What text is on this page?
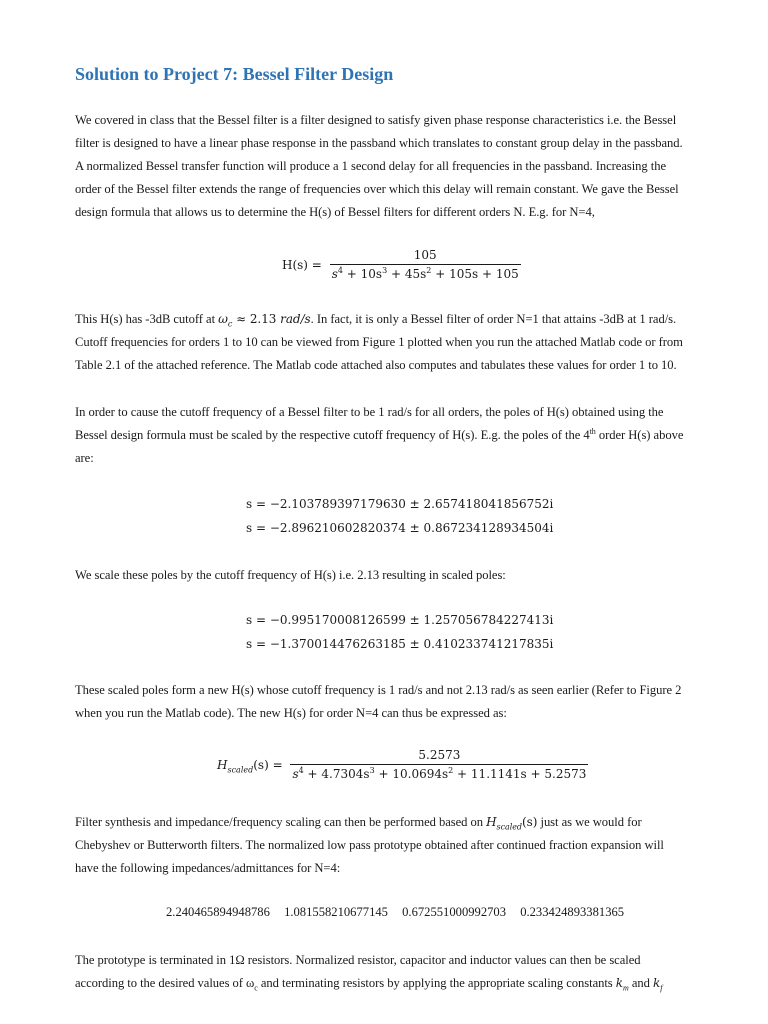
Solution to Project 7: Bessel Filter Design
We covered in class that the Bessel filter is a filter designed to satisfy given phase response characteristics i.e. the Bessel
filter is designed to have a linear phase response in the passband which translates to constant group delay in the passband.
A normalized Bessel transfer function will produce a 1 second delay for all frequencies in the passband. Increasing the
order of the Bessel filter extends the range of frequencies over which this delay will remain constant. We gave the Bessel
design formula that allows us to determine the H(s) of Bessel filters for different orders N. E.g. for N=4,
$H(s) = \frac{105}{s^4 + 10s^3 + 45s^2 + 105s + 105}$
This H(s) has -3dB cutoff at $\omega_c \approx 2.13$ rad/s. In fact, it is only a Bessel filter of order N=1 that attains -3dB at 1 rad/s.
Cutoff frequencies for orders 1 to 10 can be viewed from Figure 1 plotted when you run the attached Matlab code or from
Table 2.1 of the attached reference. The Matlab code attached also computes and tabulates these values for order 1 to 10.
In order to cause the cutoff frequency of a Bessel filter to be 1 rad/s for all orders, the poles of H(s) obtained using the
Bessel design formula must be scaled by the respective cutoff frequency of H(s). E.g. the poles of the 4th order H(s) above
are:
s = −2.103789397179630 ± 2.657418041856752i
s = −2.896210602820374 ± 0.867234128934504i
We scale these poles by the cutoff frequency of H(s) i.e. 2.13 resulting in scaled poles:
s = −0.995170008126599 ± 1.257056784227413i
s = −1.370014476263185 ± 0.410233741217835i
These scaled poles form a new H(s) whose cutoff frequency is 1 rad/s and not 2.13 rad/s as seen earlier (Refer to Figure 2
when you run the Matlab code). The new H(s) for order N=4 can thus be expressed as:
$H_{scaled}(s) = \frac{5.2573}{s^4 + 4.7304s^3 + 10.0694s^2 + 11.1141s + 5.2573}$
Filter synthesis and impedance/frequency scaling can then be performed based on $H_{scaled}(s)$ just as we would for
Chebyshev or Butterworth filters. The normalized low pass prototype obtained after continued fraction expansion will
have the following impedances/admittances for N=4:
2.240465894948786 1.081558210677145 0.672551000992703 0.233424893381365
The prototype is terminated in 1Ω resistors. Normalized resistor, capacitor and inductor values can then be scaled
according to the desired values of $\omega_c$ and terminating resistors by applying the appropriate scaling constants $k_m$ and $k_f$
